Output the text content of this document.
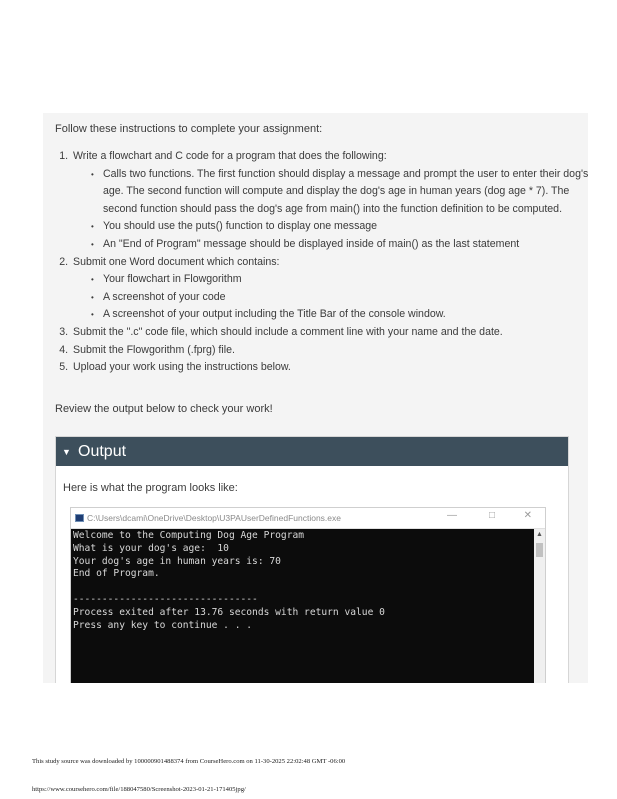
Follow these instructions to complete your assignment:

1. Write a flowchart and C code for a program that does the following:
• Calls two functions. The first function should display a message and prompt the user to enter their dog's age. The second function will compute and display the dog's age in human years (dog age * 7). The second function should pass the dog's age from main() into the function definition to be computed.
• You should use the puts() function to display one message
• An "End of Program" message should be displayed inside of main() as the last statement
2. Submit one Word document which contains:
• Your flowchart in Flowgorithm
• A screenshot of your code
• A screenshot of your output including the Title Bar of the console window.
3. Submit the ".c" code file, which should include a comment line with your name and the date.
4. Submit the Flowgorithm (.fprg) file.
5. Upload your work using the instructions below.

Review the output below to check your work!

▼ Output

Here is what the program looks like:

C:\Users\dcami\OneDrive\Desktop\U3PAUserDefinedFunctions.exe	—	□	✕
Welcome to the Computing Dog Age Program
What is your dog's age:  10
Your dog's age in human years is: 70
End of Program.

--------------------------------
Process exited after 13.76 seconds with return value 0
Press any key to continue . . .
▲

This study source was downloaded by 100000901488374 from CourseHero.com on 11-30-2025 22:02:48 GMT -06:00

https://www.coursehero.com/file/188047580/Screenshot-2023-01-21-171405jpg/
